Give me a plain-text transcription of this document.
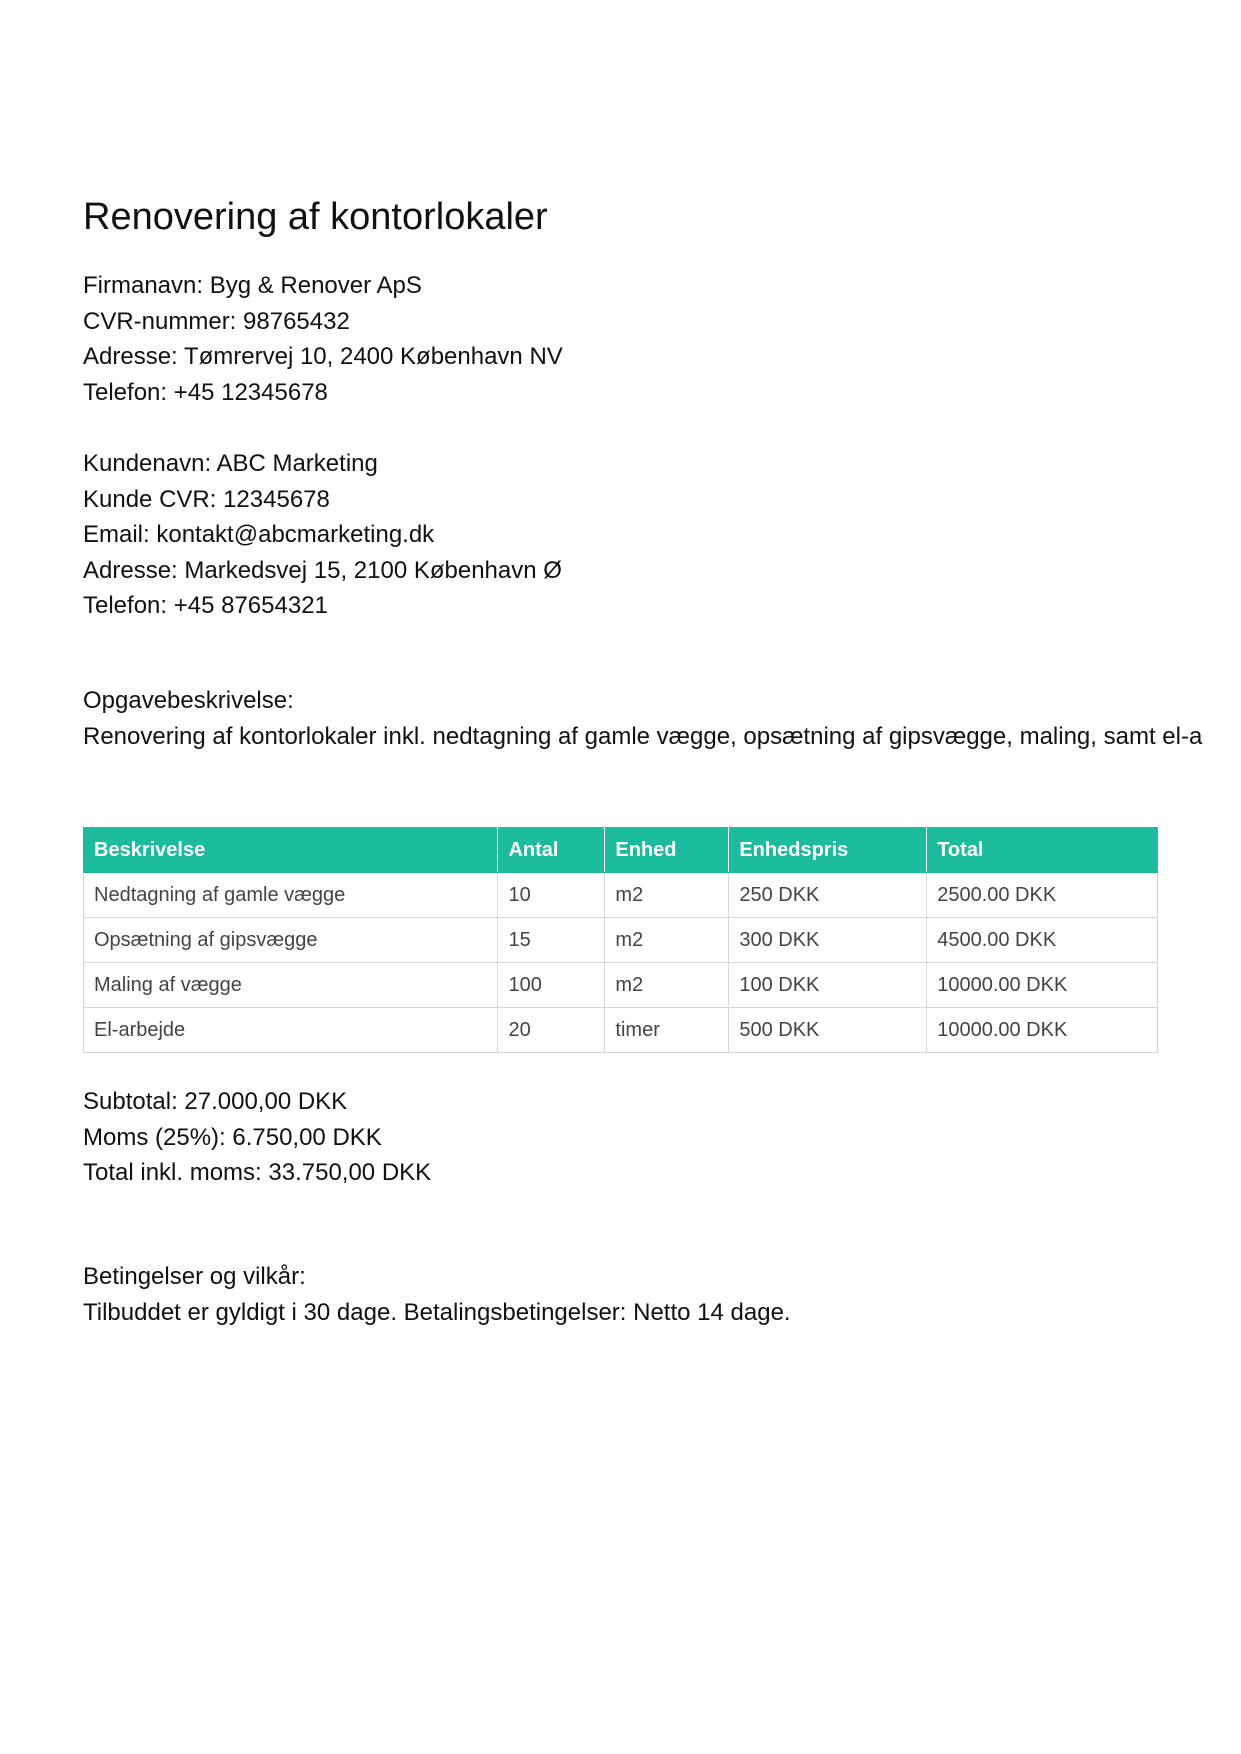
Renovering af kontorlokaler
Firmanavn: Byg & Renover ApS
CVR-nummer: 98765432
Adresse: Tømrervej 10, 2400 København NV
Telefon: +45 12345678
Kundenavn: ABC Marketing
Kunde CVR: 12345678
Email: kontakt@abcmarketing.dk
Adresse: Markedsvej 15, 2100 København Ø
Telefon: +45 87654321
Opgavebeskrivelse:
Renovering af kontorlokaler inkl. nedtagning af gamle vægge, opsætning af gipsvægge, maling, samt el-a
Beskrivelse	Antal	Enhed	Enhedspris	Total
Nedtagning af gamle vægge	10	m2	250 DKK	2500.00 DKK
Opsætning af gipsvægge	15	m2	300 DKK	4500.00 DKK
Maling af vægge	100	m2	100 DKK	10000.00 DKK
El-arbejde	20	timer	500 DKK	10000.00 DKK
Subtotal: 27.000,00 DKK
Moms (25%): 6.750,00 DKK
Total inkl. moms: 33.750,00 DKK
Betingelser og vilkår:
Tilbuddet er gyldigt i 30 dage. Betalingsbetingelser: Netto 14 dage.
